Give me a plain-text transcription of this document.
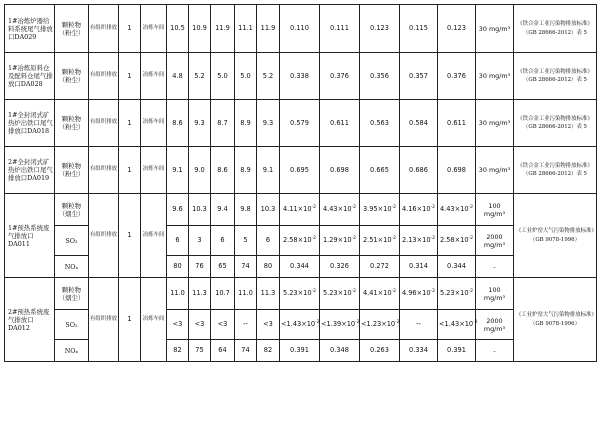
1#冶炼炉器给料系统尾气排放口DA029	颗粒物（粉尘）	有组织排放	1	冶炼车间	10.5	10.9	11.9	11.1	11.9	0.110	0.111	0.123	0.115	0.123	30 mg/m³	《铁合金工业污染物排放标准》（GB 28666-2012）表 5
1#冶炼原料仓及配料仓尾气排放口DA028	颗粒物（粉尘）	有组织排放	1	冶炼车间	4.8	5.2	5.0	5.0	5.2	0.338	0.376	0.356	0.357	0.376	30 mg/m³	《铁合金工业污染物排放标准》（GB 28666-2012）表 5
1#全封闭式矿热炉出铁口尾气排放口DA018	颗粒物（粉尘）	有组织排放	1	冶炼车间	8.6	9.3	8.7	8.9	9.3	0.579	0.611	0.563	0.584	0.611	30 mg/m³	《铁合金工业污染物排放标准》（GB 28666-2012）表 5
2#全封闭式矿热炉出铁口尾气排放口DA019	颗粒物（粉尘）	有组织排放	1	冶炼车间	9.1	9.0	8.6	8.9	9.1	0.695	0.698	0.665	0.686	0.698	30 mg/m³	《铁合金工业污染物排放标准》（GB 28666-2012）表 5
1#预热系统废气排放口DA011	颗粒物（烟尘）	有组织排放	1	冶炼车间	9.6	10.3	9.4	9.8	10.3	$4.11\times 10^{-2}$	$4.43\times 10^{-2}$	$3.95\times 10^{-2}$	$4.16\times 10^{-2}$	$4.43\times 10^{-2}$	100 mg/m³	《工业炉窑大气污染物排放标准》（GB 9078-1996）
	SO₂				6	3	6	5	6	$2.58\times 10^{-2}$	$1.29\times 10^{-2}$	$2.51\times 10^{-2}$	$2.13\times 10^{-2}$	$2.58\times 10^{-2}$	2000 mg/m³	
	NOₓ				80	76	65	74	80	0.344	0.326	0.272	0.314	0.344	-	
2#预热系统废气排放口DA012	颗粒物（烟尘）	有组织排放	1	冶炼车间	11.0	11.3	10.7	11.0	11.3	$5.23\times 10^{-2}$	$5.23\times 10^{-2}$	$4.41\times 10^{-2}$	$4.96\times 10^{-2}$	$5.23\times 10^{-2}$	100 mg/m³	《工业炉窑大气污染物排放标准》（GB 9078-1996）
	SO₂				<3	<3	<3	--	<3	$<1.43\times 10^{-2}$	$<1.39\times 10^{-2}$	$<1.23\times 10^{-2}$	--	$<1.43\times 10^{-2}$	2000 mg/m³	
	NOₓ				82	75	64	74	82	0.391	0.348	0.263	0.334	0.391	-	
